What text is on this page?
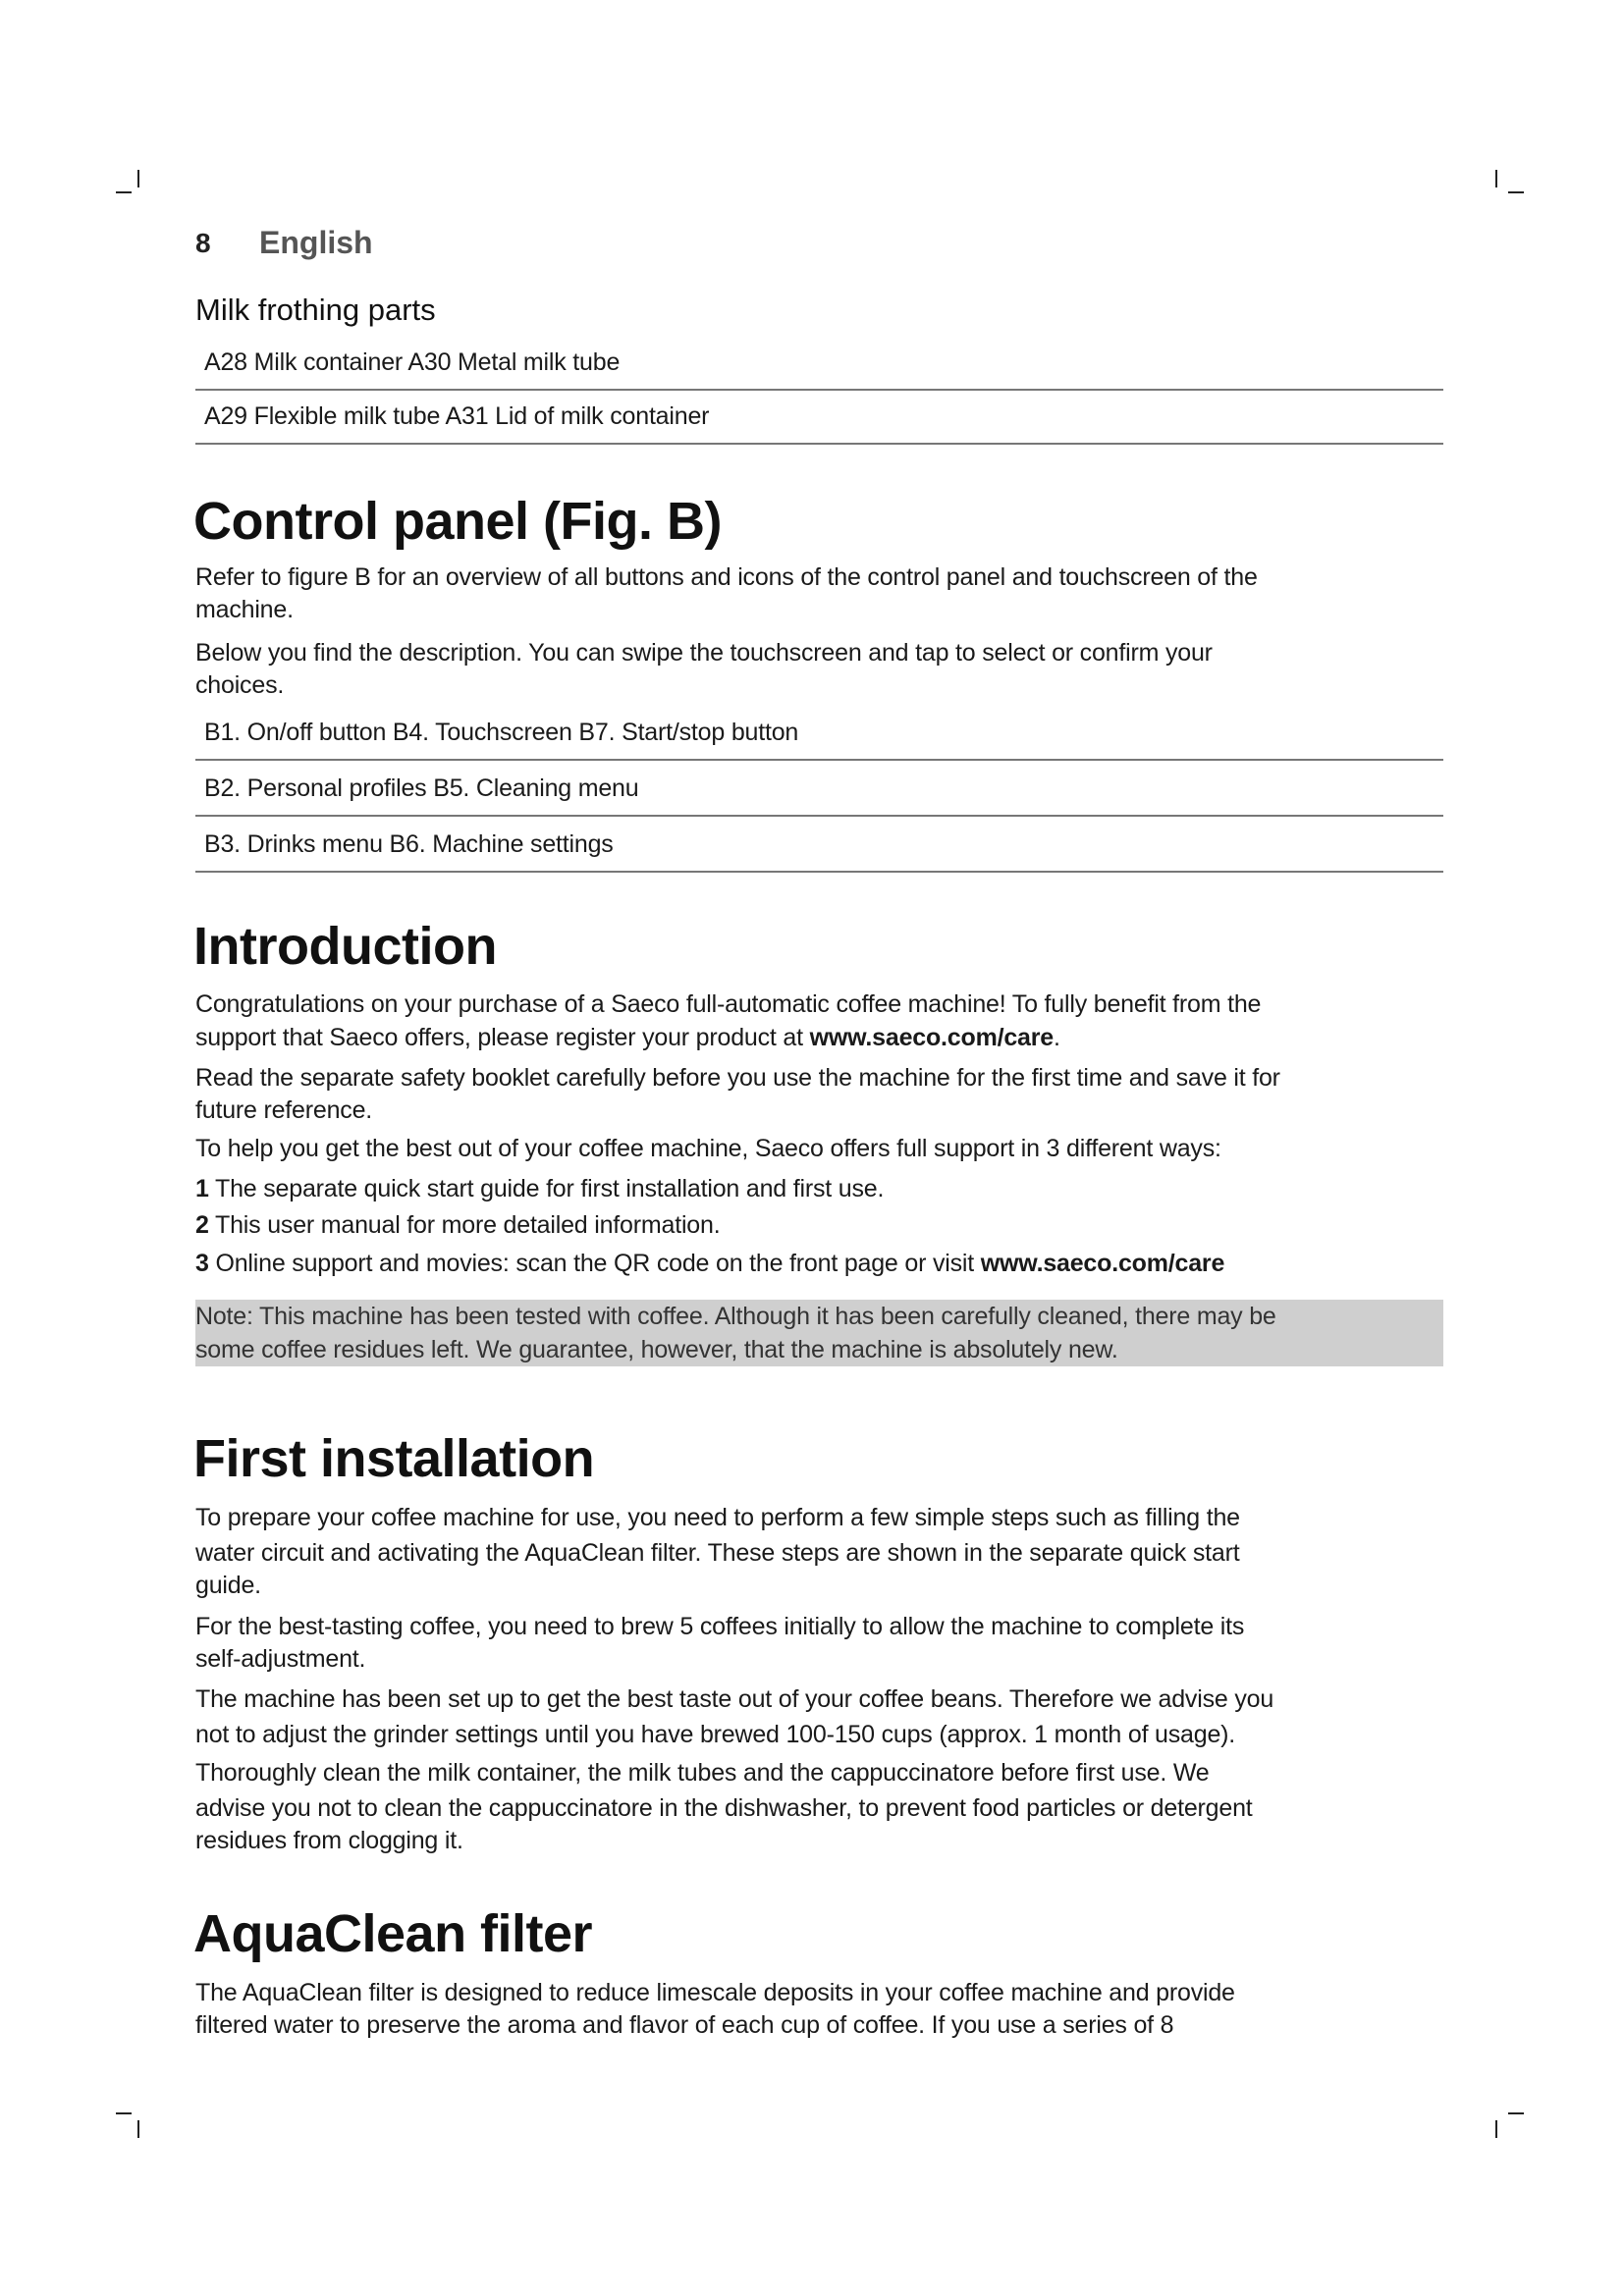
8 English
Milk frothing parts
A28 Milk container A30 Metal milk tube
A29 Flexible milk tube A31 Lid of milk container
Control panel (Fig. B)
Refer to figure B for an overview of all buttons and icons of the control panel and touchscreen of the
machine.
Below you find the description. You can swipe the touchscreen and tap to select or confirm your
choices.
B1. On/off button B4. Touchscreen B7. Start/stop button
B2. Personal profiles B5. Cleaning menu
B3. Drinks menu B6. Machine settings
Introduction
Congratulations on your purchase of a Saeco full-automatic coffee machine! To fully benefit from the
support that Saeco offers, please register your product at www.saeco.com/care.
Read the separate safety booklet carefully before you use the machine for the first time and save it for
future reference.
To help you get the best out of your coffee machine, Saeco offers full support in 3 different ways:
1 The separate quick start guide for first installation and first use.
2 This user manual for more detailed information.
3 Online support and movies: scan the QR code on the front page or visit www.saeco.com/care
Note: This machine has been tested with coffee. Although it has been carefully cleaned, there may be
some coffee residues left. We guarantee, however, that the machine is absolutely new.
First installation
To prepare your coffee machine for use, you need to perform a few simple steps such as filling the
water circuit and activating the AquaClean filter. These steps are shown in the separate quick start
guide.
For the best-tasting coffee, you need to brew 5 coffees initially to allow the machine to complete its
self-adjustment.
The machine has been set up to get the best taste out of your coffee beans. Therefore we advise you
not to adjust the grinder settings until you have brewed 100-150 cups (approx. 1 month of usage).
Thoroughly clean the milk container, the milk tubes and the cappuccinatore before first use. We
advise you not to clean the cappuccinatore in the dishwasher, to prevent food particles or detergent
residues from clogging it.
AquaClean filter
The AquaClean filter is designed to reduce limescale deposits in your coffee machine and provide
filtered water to preserve the aroma and flavor of each cup of coffee. If you use a series of 8
